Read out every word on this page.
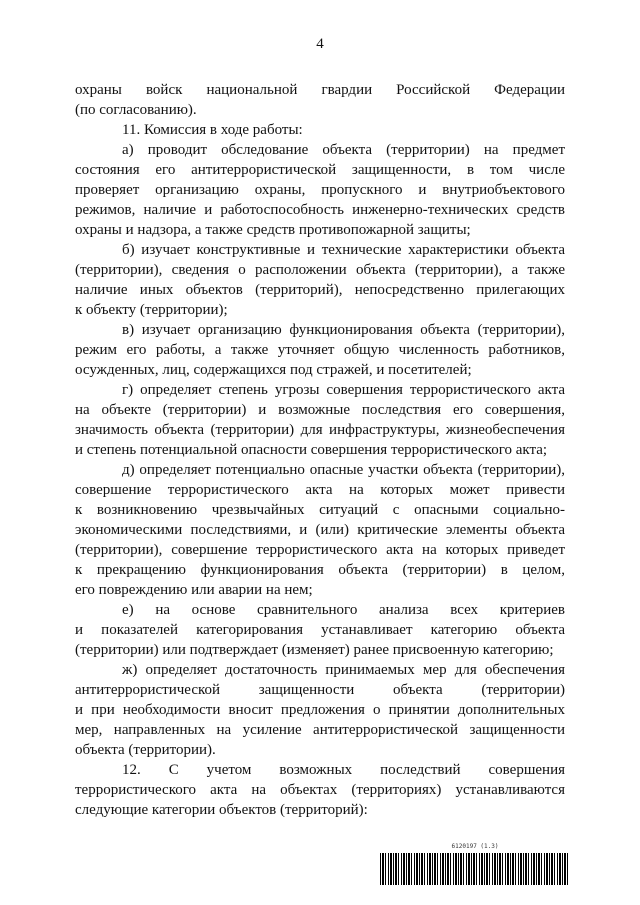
4
охраны войск национальной гвардии Российской Федерации
(по согласованию).
11. Комиссия в ходе работы:
а) проводит обследование объекта (территории) на предмет
состояния его антитеррористической защищенности, в том числе
проверяет организацию охраны, пропускного и внутриобъектового
режимов, наличие и работоспособность инженерно-технических средств
охраны и надзора, а также средств противопожарной защиты;
б) изучает конструктивные и технические характеристики объекта
(территории), сведения о расположении объекта (территории), а также
наличие иных объектов (территорий), непосредственно прилегающих
к объекту (территории);
в) изучает организацию функционирования объекта (территории),
режим его работы, а также уточняет общую численность работников,
осужденных, лиц, содержащихся под стражей, и посетителей;
г) определяет степень угрозы совершения террористического акта
на объекте (территории) и возможные последствия его совершения,
значимость объекта (территории) для инфраструктуры, жизнеобеспечения
и степень потенциальной опасности совершения террористического акта;
д) определяет потенциально опасные участки объекта (территории),
совершение террористического акта на которых может привести
к возникновению чрезвычайных ситуаций с опасными социально-
экономическими последствиями, и (или) критические элементы объекта
(территории), совершение террористического акта на которых приведет
к прекращению функционирования объекта (территории) в целом,
его повреждению или аварии на нем;
е) на основе сравнительного анализа всех критериев
и показателей категорирования устанавливает категорию объекта
(территории) или подтверждает (изменяет) ранее присвоенную категорию;
ж) определяет достаточность принимаемых мер для обеспечения
антитеррористической защищенности объекта (территории)
и при необходимости вносит предложения о принятии дополнительных
мер, направленных на усиление антитеррористической защищенности
объекта (территории).
12. С учетом возможных последствий совершения
террористического акта на объектах (территориях) устанавливаются
следующие категории объектов (территорий):
6120197 (1.3)
